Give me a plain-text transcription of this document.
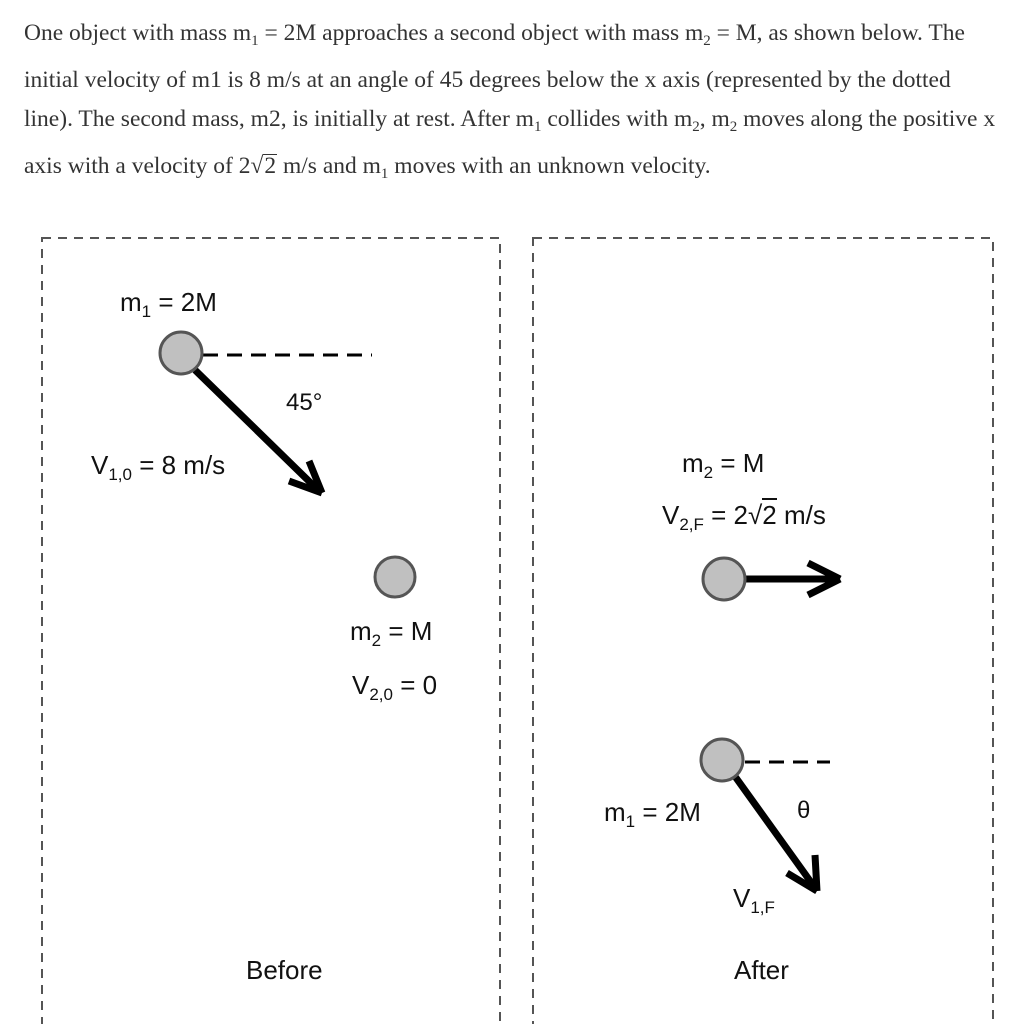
One object with mass $m_1 = 2M$ approaches a second object with mass $m_2 = M$, as shown below. The initial velocity of m1 is 8 m/s at an angle of 45 degrees below the x axis (represented by the dotted line). The second mass, m2, is initially at rest. After $m_1$ collides with $m_2$, $m_2$ moves along the positive x axis with a velocity of 2√2 m/s and $m_1$ moves with an unknown velocity.

$m_1 = 2M$
45°
$V_{1,0} = 8$ m/s
$m_2 = M$
$V_{2,0} = 0$
Before
$m_2 = M$
$V_{2,F} = 2√2$ m/s
$m_1 = 2M$	θ
$V_{1,F}$
After
